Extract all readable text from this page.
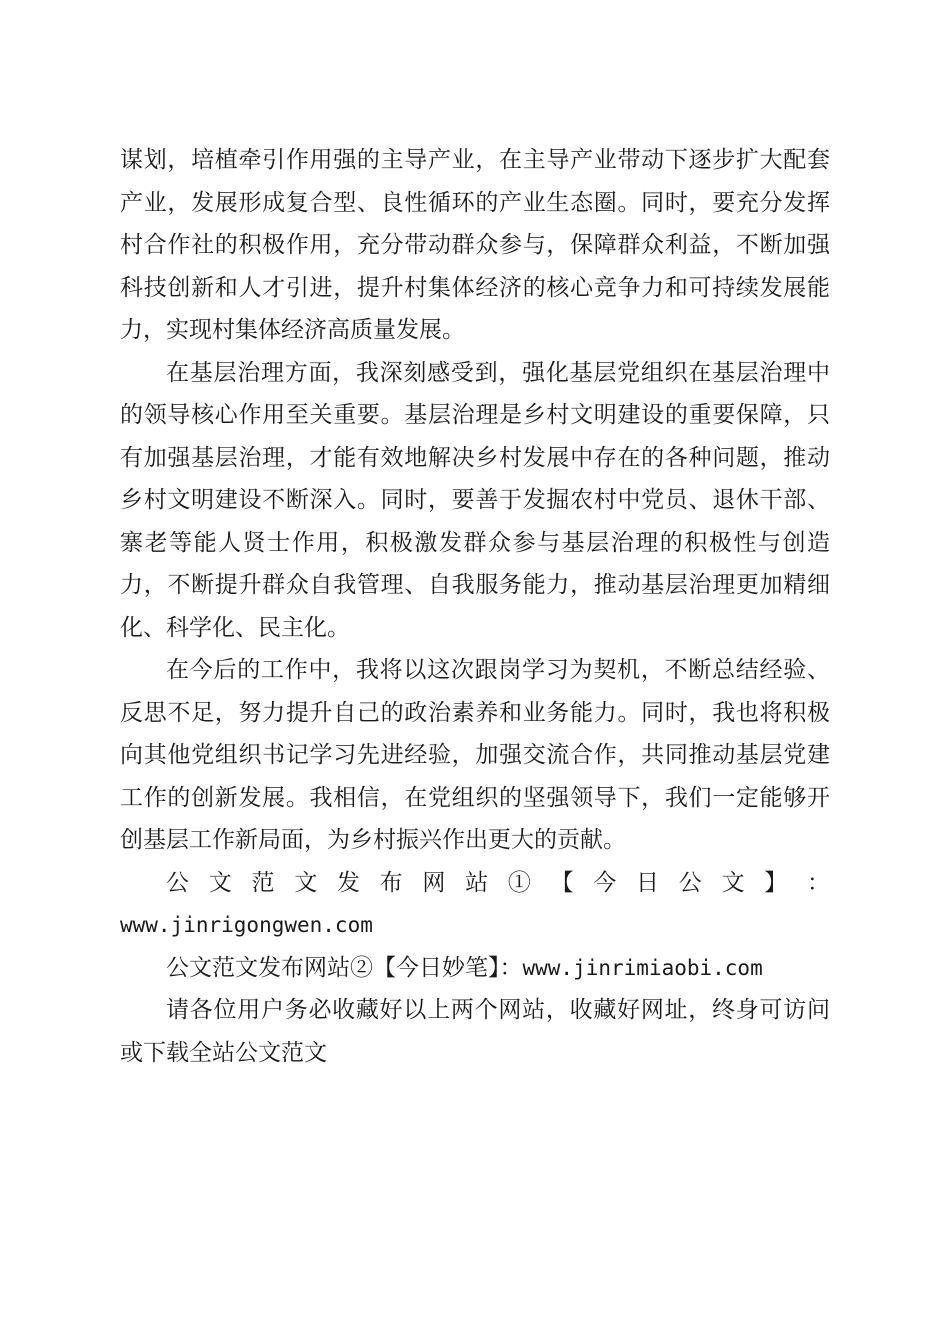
谋划，培植牵引作用强的主导产业，在主导产业带动下逐步扩大配套产业，发展形成复合型、良性循环的产业生态圈。同时，要充分发挥村合作社的积极作用，充分带动群众参与，保障群众利益，不断加强科技创新和人才引进，提升村集体经济的核心竞争力和可持续发展能力，实现村集体经济高质量发展。

在基层治理方面，我深刻感受到，强化基层党组织在基层治理中的领导核心作用至关重要。基层治理是乡村文明建设的重要保障，只有加强基层治理，才能有效地解决乡村发展中存在的各种问题，推动乡村文明建设不断深入。同时，要善于发掘农村中党员、退休干部、寨老等能人贤士作用，积极激发群众参与基层治理的积极性与创造力，不断提升群众自我管理、自我服务能力，推动基层治理更加精细化、科学化、民主化。

在今后的工作中，我将以这次跟岗学习为契机，不断总结经验、反思不足，努力提升自己的政治素养和业务能力。同时，我也将积极向其他党组织书记学习先进经验，加强交流合作，共同推动基层党建工作的创新发展。我相信，在党组织的坚强领导下，我们一定能够开创基层工作新局面，为乡村振兴作出更大的贡献。

公 文 范 文 发 布 网 站 ① 【 今 日 公 文 】 ：

www.jinrigongwen.com

公文范文发布网站②【今日妙笔】：www.jinrimiaobi.com

请各位用户务必收藏好以上两个网站，收藏好网址，终身可访问或下载全站公文范文
